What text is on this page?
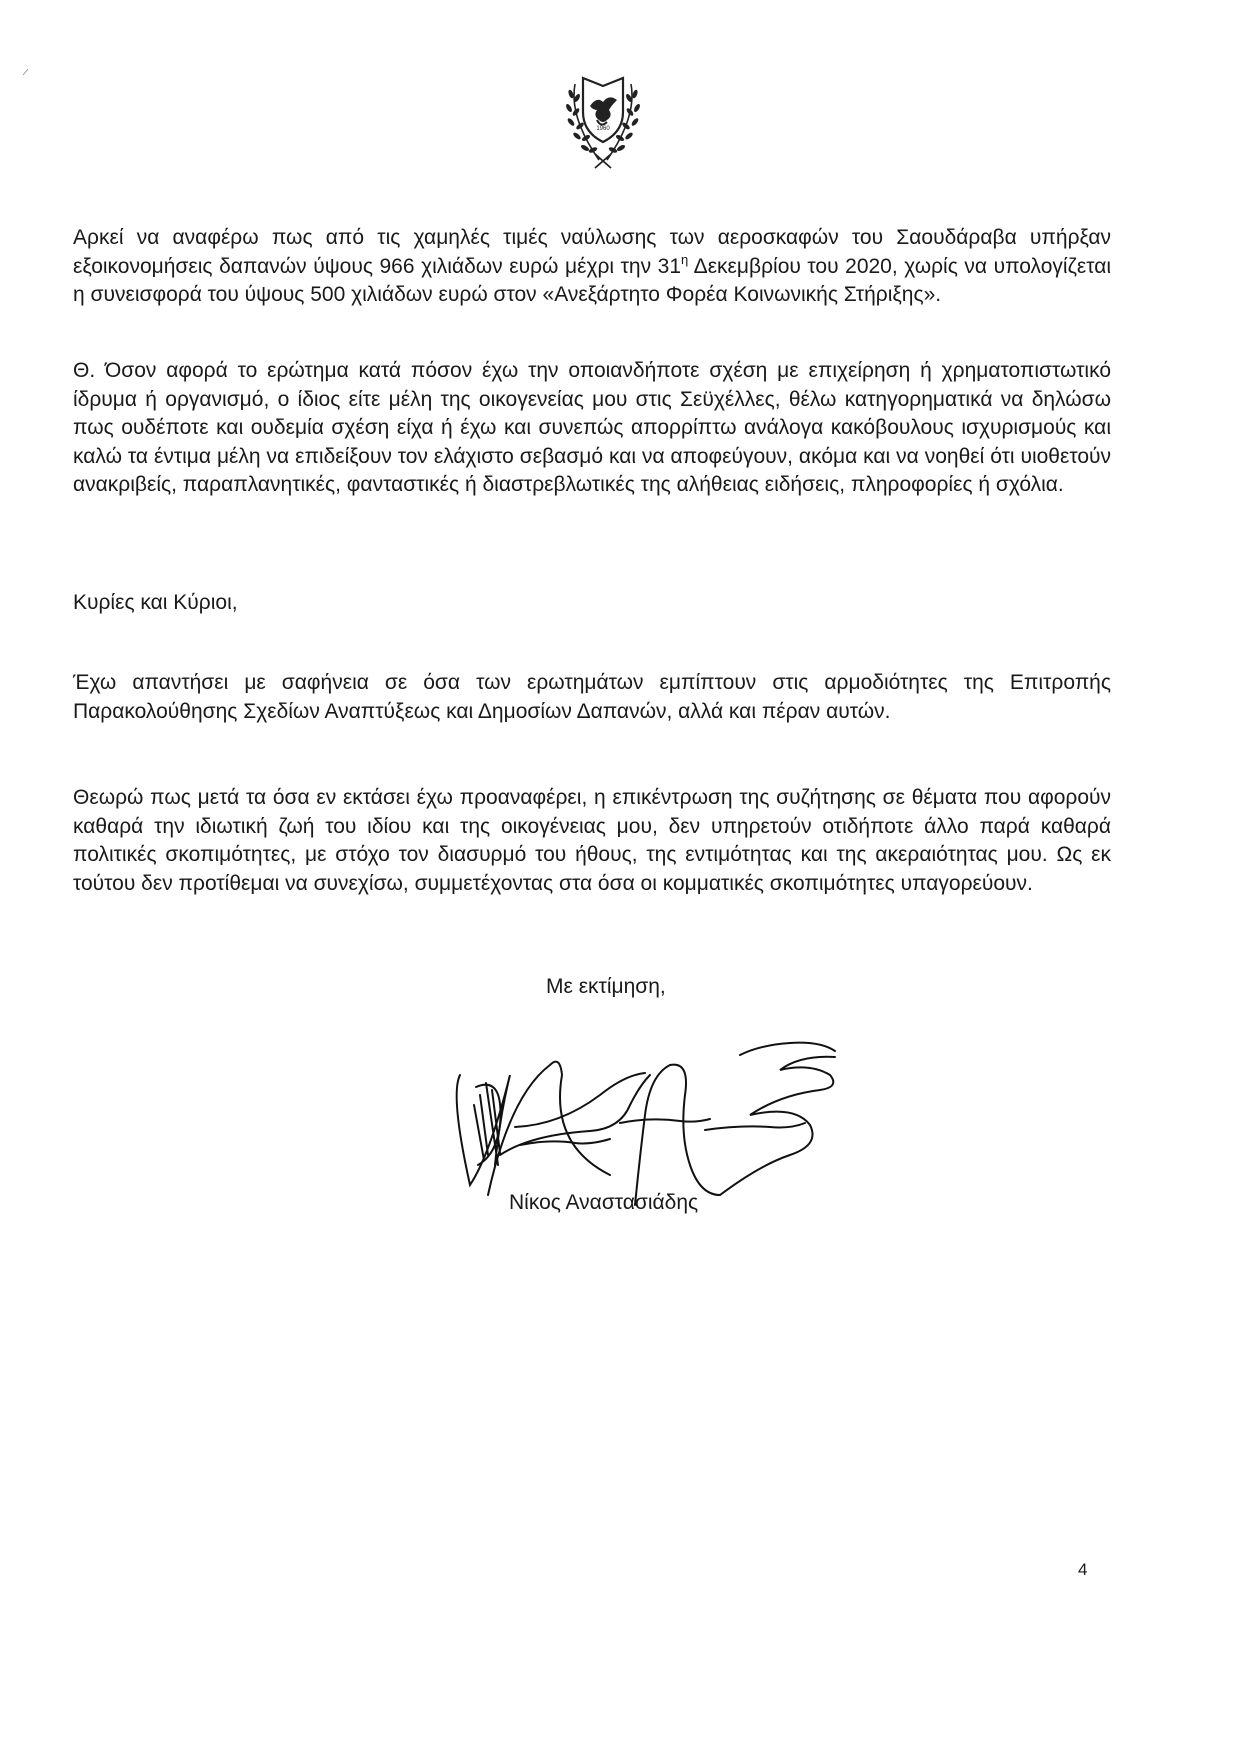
1960

Αρκεί να αναφέρω πως από τις χαμηλές τιμές ναύλωσης των αεροσκαφών του Σαουδάραβα υπήρξαν εξοικονομήσεις δαπανών ύψους 966 χιλιάδων ευρώ μέχρι την $31^\eta$ Δεκεμβρίου του 2020, χωρίς να υπολογίζεται η συνεισφορά του ύψους 500 χιλιάδων ευρώ στον «Ανεξάρτητο Φορέα Κοινωνικής Στήριξης».

Θ. Όσον αφορά το ερώτημα κατά πόσον έχω την οποιανδήποτε σχέση με επιχείρηση ή χρηματοπιστωτικό ίδρυμα ή οργανισμό, ο ίδιος είτε μέλη της οικογενείας μου στις Σεϋχέλλες, θέλω κατηγορηματικά να δηλώσω πως ουδέποτε και ουδεμία σχέση είχα ή έχω και συνεπώς απορρίπτω ανάλογα κακόβουλους ισχυρισμούς και καλώ τα έντιμα μέλη να επιδείξουν τον ελάχιστο σεβασμό και να αποφεύγουν, ακόμα και να νοηθεί ότι υιοθετούν ανακριβείς, παραπλανητικές, φανταστικές ή διαστρεβλωτικές της αλήθειας ειδήσεις, πληροφορίες ή σχόλια.

Κυρίες και Κύριοι,

Έχω απαντήσει με σαφήνεια σε όσα των ερωτημάτων εμπίπτουν στις αρμοδιότητες της Επιτροπής Παρακολούθησης Σχεδίων Αναπτύξεως και Δημοσίων Δαπανών, αλλά και πέραν αυτών.

Θεωρώ πως μετά τα όσα εν εκτάσει έχω προαναφέρει, η επικέντρωση της συζήτησης σε θέματα που αφορούν καθαρά την ιδιωτική ζωή του ιδίου και της οικογένειας μου, δεν υπηρετούν οτιδήποτε άλλο παρά καθαρά πολιτικές σκοπιμότητες, με στόχο τον διασυρμό του ήθους, της εντιμότητας και της ακεραιότητας μου. Ως εκ τούτου δεν προτίθεμαι να συνεχίσω, συμμετέχοντας στα όσα οι κομματικές σκοπιμότητες υπαγορεύουν.

Με εκτίμηση,

Νίκος Αναστασιάδης

4
